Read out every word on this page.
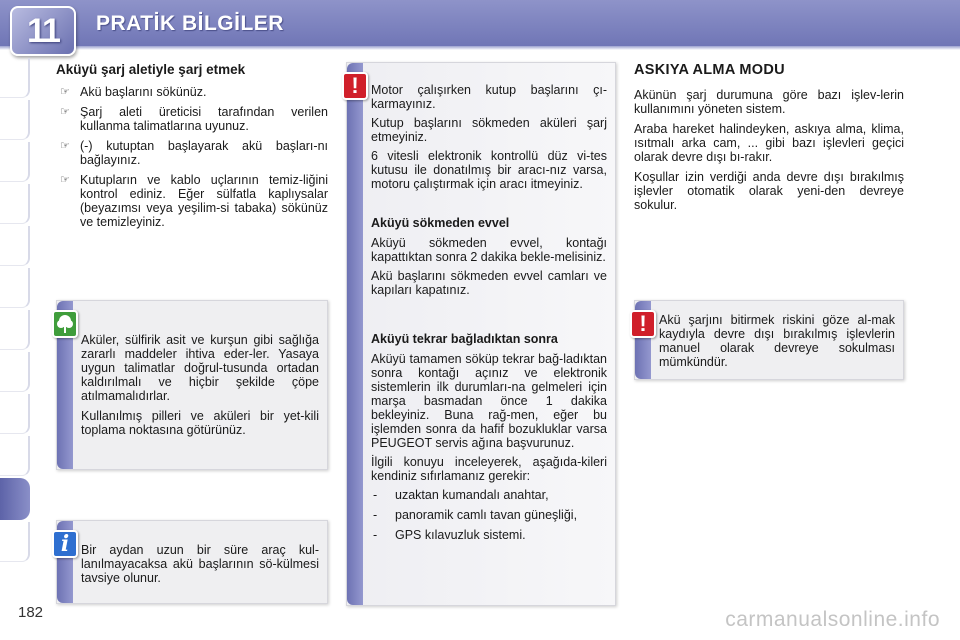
11 PRATİK BİLGİLER
Aküyü şarj aletiyle şarj etmek
☞ Akü başlarını sökünüz.
☞ Şarj aleti üreticisi tarafından verilen kullanma talimatlarına uyunuz.
☞ (-) kutuptan başlayarak akü başları-nı bağlayınız.
☞ Kutupların ve kablo uçlarının temiz-liğini kontrol ediniz. Eğer sülfatla kaplıysalar (beyazımsı veya yeşilim-si tabaka) sökünüz ve temizleyiniz.

Aküler, sülfirik asit ve kurşun gibi sağlığa zararlı maddeler ihtiva eder-ler. Yasaya uygun talimatlar doğrul-tusunda ortadan kaldırılmalı ve hiçbir şekilde çöpe atılmamalıdırlar.

Kullanılmış pilleri ve aküleri bir yet-kili toplama noktasına götürünüz.

Bir aydan uzun bir süre araç kul-lanılmayacaksa akü başlarının sö-külmesi tavsiye olunur.
i

Motor çalışırken kutup başlarını çı-karmayınız.

Kutup başlarını sökmeden aküleri şarj etmeyiniz.

6 vitesli elektronik kontrollü düz vi-tes kutusu ile donatılmış bir aracı-nız varsa, motoru çalıştırmak için aracı itmeyiniz.

Aküyü sökmeden evvel

Aküyü sökmeden evvel, kontağı kapattıktan sonra 2 dakika bekle-melisiniz.

Akü başlarını sökmeden evvel camları ve kapıları kapatınız.

Aküyü tekrar bağladıktan sonra

Aküyü tamamen söküp tekrar bağ-ladıktan sonra kontağı açınız ve elektronik sistemlerin ilk durumları-na gelmeleri için marşa basmadan önce 1 dakika bekleyiniz. Buna rağ-men, eğer bu işlemden sonra da hafif bozukluklar varsa PEUGEOT servis ağına başvurunuz.

İlgili konuyu inceleyerek, aşağıda-kileri kendiniz sıfırlamanız gerekir:

- uzaktan kumandalı anahtar,
- panoramik camlı tavan güneşliği,
- GPS kılavuzluk sistemi.
!
ASKIYA ALMA MODU

Akünün şarj durumuna göre bazı işlev-lerin kullanımını yöneten sistem.

Araba hareket halindeyken, askıya alma, klima, ısıtmalı arka cam, ... gibi bazı işlevleri geçici olarak devre dışı bı-rakır.

Koşullar izin verdiği anda devre dışı bırakılmış işlevler otomatik olarak yeni-den devreye sokulur.

Akü şarjını bitirmek riskini göze al-mak kaydıyla devre dışı bırakılmış işlevlerin manuel olarak devreye sokulması mümkündür.
!
182	carmanualsonline.info
